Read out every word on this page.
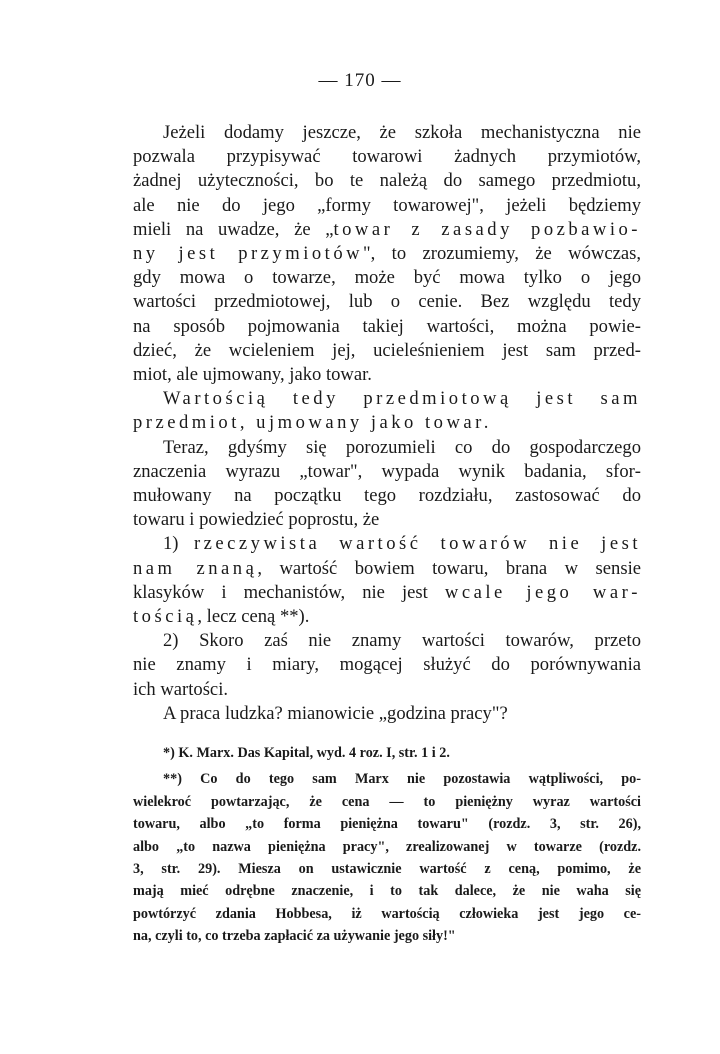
— 170 —

Jeżeli dodamy jeszcze, że szkoła mechanistyczna nie

pozwala przypisywać towarowi żadnych przymiotów,

żadnej użyteczności, bo te należą do samego przedmiotu,

ale nie do jego „formy towarowej", jeżeli będziemy

mieli na uwadze, że „towar z zasady pozbawio‐

ny jest przymiotów", to zrozumiemy, że wówczas,

gdy mowa o towarze, może być mowa tylko o jego

wartości przedmiotowej, lub o cenie. Bez względu tedy

na sposób pojmowania takiej wartości, można powie‐

dzieć, że wcieleniem jej, ucieleśnieniem jest sam przed‐

miot, ale ujmowany, jako towar.

Wartością tedy przedmiotową jest sam

przedmiot, ujmowany jako towar.

Teraz, gdyśmy się porozumieli co do gospodarczego

znaczenia wyrazu „towar", wypada wynik badania, sfor‐

mułowany na początku tego rozdziału, zastosować do

towaru i powiedzieć poprostu, że

1) rzeczywista wartość towarów nie jest

nam znaną, wartość bowiem towaru, brana w sensie

klasyków i mechanistów, nie jest wcale jego war‐

tością, lecz ceną **).

2) Skoro zaś nie znamy wartości towarów, przeto

nie znamy i miary, mogącej służyć do porównywania

ich wartości.

A praca ludzka? mianowicie „godzina pracy"?

*) K. Marx. Das Kapital, wyd. 4 roz. I, str. 1 i 2.

**) Co do tego sam Marx nie pozostawia wątpliwości, po‐

wielekroć powtarzając, że cena — to pieniężny wyraz wartości

towaru, albo „to forma pieniężna towaru" (rozdz. 3, str. 26),

albo „to nazwa pieniężna pracy", zrealizowanej w towarze (rozdz.

3, str. 29). Miesza on ustawicznie wartość z ceną, pomimo, że

mają mieć odrębne znaczenie, i to tak dalece, że nie waha się

powtórzyć zdania Hobbesa, iż wartością człowieka jest jego ce‐

na, czyli to, co trzeba zapłacić za używanie jego siły!"
